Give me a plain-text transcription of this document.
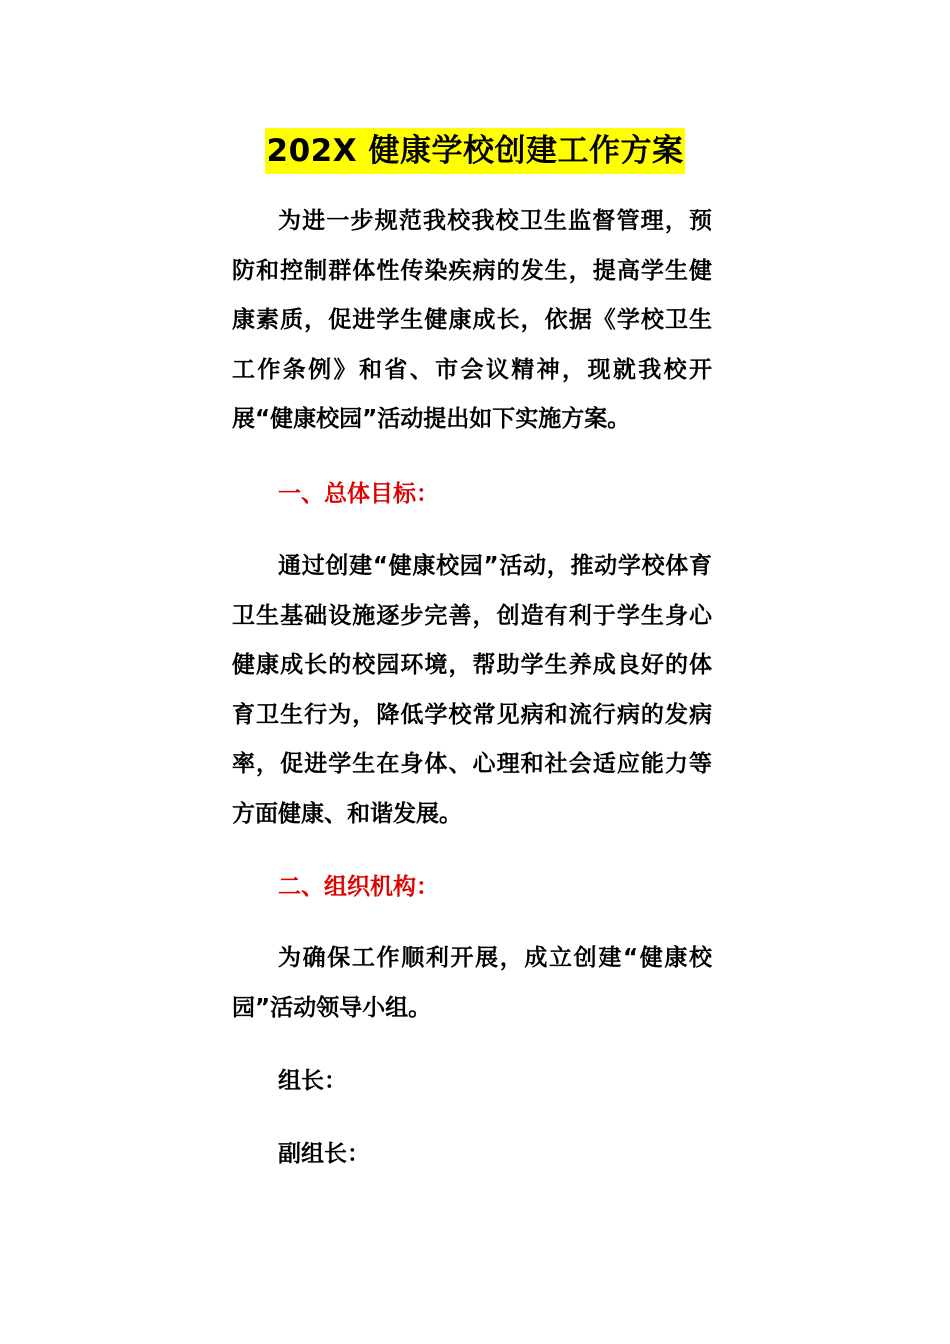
202X 健康学校创建工作方案

为进一步规范我校我校卫生监督管理，预防和控制群体性传染疾病的发生，提高学生健康素质，促进学生健康成长，依据《学校卫生工作条例》和省、市会议精神，现就我校开展“健康校园”活动提出如下实施方案。

一、总体目标：

通过创建“健康校园”活动，推动学校体育卫生基础设施逐步完善，创造有利于学生身心健康成长的校园环境，帮助学生养成良好的体育卫生行为，降低学校常见病和流行病的发病率，促进学生在身体、心理和社会适应能力等方面健康、和谐发展。

二、组织机构：

为确保工作顺利开展，成立创建“健康校园”活动领导小组。

组长：

副组长：
